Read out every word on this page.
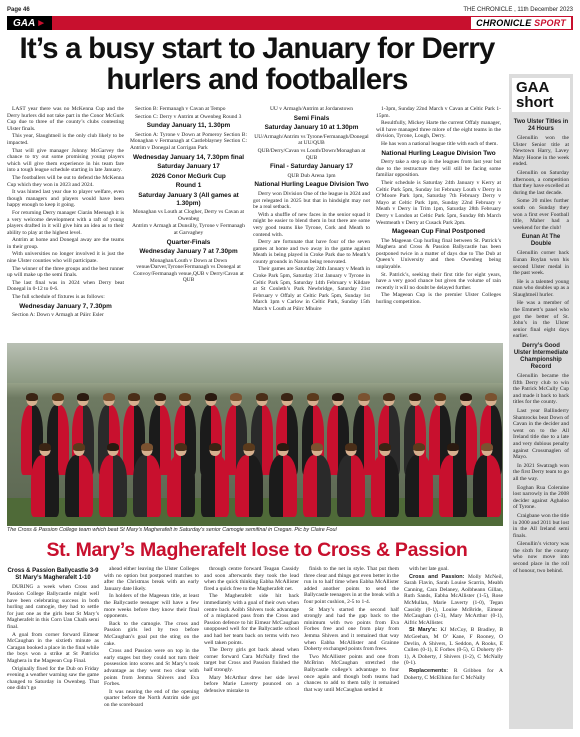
Page 46	THE CHRONICLE , 11th December 2023
GAA ►	CHRONICLE
SPORT
It’s a busy start to January for Derry hurlers and footballers

LAST year there was no McKenna Cup and the Derry hurlers did not take part in the Conor McGurk Cup due to three of the county’s clubs contesting Ulster finals.

This year, Slaughtneil is the only club likely to be impacted.

That will give manager Johnny McGarvey the chance to try out some promising young players which will give them experience in his team fare into a tough league schedule starting in late January.

The footballers will be out to defend the McKenna Cup which they won in 2023 and 2024.

It was hinted last year due to player welfare, even though managers and players would have been happy enough to keep it going.

For returning Derry manager Ciarán Meenagh it is a very welcome development with a raft of young players drafted in it will give him an idea as to their ability to play at the highest level.

Antrim at home and Donegal away are the teams in their group.

With universities no longer involved it is just the nine Ulster counties who will participate.

The winner of the three groups and the best runner up will make up the semi finals.

The last final was in 2024 when Derry beat Donegal in 0-12 to 0-6.

The full schedule of fixtures is as follows:

Wednesday January 7, 7.30pm

Section A: Down v Armagh at Páirc Esler

Section B: Fermanagh v Cavan at Tempo

Section C: Derry v Antrim at Owenbeg Round 3

Sunday January 11, 1.30pm

Section A: Tyrone v Down at Pomeroy Section B: Monaghan v Fermanagh at Castleblayney Section C: Antrim v Donegal at Corrigan Park

Wednesday January 14, 7.30pm final
Saturday January 17
2026 Conor McGurk Cup
Round 1
Saturday January 3 (All games at 1.30pm)

Monaghan vs Louth at Clogher, Derry vs Cavan at Owenbeg

Antrim v Armagh at Dunsilly, Tyrone v Fermanagh at Garvaghey

Quarter-Finals
Wednesday January 7 at 7.30pm

Monaghan/Louth v Down at Down venue/Darver,Tyrone/Fermanagh vs Donegal at Convoy/Fermanagh venue,QUB v Derry/Cavan at QUB

UU v Armagh/Antrim at Jordanstown

Semi Finals
Saturday January 10 at 1.30pm

UU/Armagh/Antrim vs Tyrone/Fermanagh/Donegal at UU/QUB

QUB/Derry/Cavan vs Louth/Down/Monaghan at QUB

Final - Saturday January 17

QUB Dub Arena 1pm

National Hurling League Division Two

Derry won Division One of the league in 2024 and got relegated in 2025 but that in hindsight may not be a real setback.

With a shuffle of new faces in the senior squad it might be easier to blend them in but there are some very good teams like Tyrone, Cork and Meath to contend with.

Derry are fortunate that have four of the seven games at home and two away in the game against Meath is being played in Croke Park due to Meath’s county grounds in Navan being renovated.

Their games are Saturday 24th January v Meath in Croke Park 5pm, Saturday 31st January v Tyrone in Celtic Park 5pm, Saturday 14th February v Kildare at St Conleth’s Park Newbridge, Saturday 21st February v Offaly at Celtic Park 5pm, Sunday 1st March 1pm v Carlow in Celtic Park, Sunday 15th March v Louth at Páirc Mhuire

1-3pm, Sunday 22nd March v Cavan at Celtic Park 1-15pm.

Resultfully, Mickey Harte the current Offaly manager, will have managed three mlore of the eight teams in the division, Tyrone, Lough, Derry.

He has won a national league title with each of them.

National Hurling League Division Two

Derry take a step up in the leagues from last year but due to the restructure they will still be facing some familiar opposition.

Their schedule is Saturday 24th January v Kerry at Celtic Park 5pm, Sunday 1st February Louth v Derry in O’Moore Park 1pm, Saturday 7th February Derry v Mayo at Celtic Park 1pm, Sunday 22nd February v Meath v Derry in Trim 1pm, Saturday 28th February Derry v London at Celtic Park 5pm, Sunday 8th March Westmeath v Derry at Cusack Park 2pm.

Mageean Cup Final Postponed

The Mageean Cup hurling final between St. Patrick’s Maghera and Cross & Passion Ballycastle has been postponed twice in a matter of days due to The Dub at Queen’s University and then Owenbeg being unplayable.

St. Patrick’s, seeking their first title for eight years, have a very good chance but given the volume of rain recently it will no doubt be delayed further.

The Mageean Cup is the premier Ulster Colleges hurling competition.

GAA
short
Two Ulster Titles in 24 Hours

Glenullin won the Ulster Senior title at Newtown Harry, Lavey Mary Hoone in the week ended.

Glenullin on Saturday afternoon, a competition that they have excelled at during the last decade.

Some 20 miles further south on Sunday they won a first ever Football title, Maher had a weekend for the club!

Eunan At The Double

Glenullin corner back Eunan Boylan won his second Ulster medal in the past week.

He is a talented young man who doubles up as a Slaughtneil hurler.

He was a member of the Emmett’s panel who got the better of St. John’s in the Ulster senior final eight days earlier.

Derry’s Good Ulster Intermediate Championship Record

Glenullin became the fifth Derry club to win the Patrick McCully Cup and made it back to back titles for the county.

Last year Ballinderry Shamrocks beat Down of Cavan in the decider and went on to the All Ireland title due to a late and very dubious penalty against Crossmaglen of Mayo.

In 2021 Swatragh won the first Derry team to go all the way.

Eoghan Rua Coleraine lost narrowly in the 2008 decider against Aghaloo of Tyrone.

Craigbane won the title in 2000 and 2011 but lost in the All Ireland semi finals.

Glenullin’s victory was the sixth for the county who now move into second place in the roll of honour, two behind.

The Cross & Passion College team which beat St Mary’s Magherafelt in Saturday’s senior Camogie semifinal in Cregan. Pic by Claire Foul
St. Mary’s Magherafelt lose to Cross & Passion
Cross & Passion Ballycastle 3-9 St Mary’s Magherafelt 1-10

DURING a week when Cross and Passion College Ballycastle might well have been celebrating success in both hurling and camogie, they had to settle for just one as the girls beat St Mary’s Magherafelt in this Corn Uan Chaih semi final.

A goal from corner forward Eimear McCaughan in the sixtieth minute as Caragan booked a place in the final while the boys won a strike at St Patricks Maghera in the Mageean Cup Final.

Originally fixed for the Dub on Friday evening a weather warning saw the game changed to Saturday in Owenbeg. That one didn’t go

ahead either leaving the Ulster Colleges with no option but postponed matches to after the Christmas break with an early January date likely.

In holders of the Mageean title, at least the Ballycastle teenager will have a few more weeks before they know their final opponents.

Back to the camogie. The cross and Passion girls led by two before McCaughan’s goal put the sting on the cake.

Cross and Passion were on top in the early stages but they could not turn their possession into scores and St Mary’s took advantage as they went two clear with points from Jemma Shivers and Eva Forbes.

It was nearing the end of the opening quarter before the North Antrim side got on the scoreboard

through centre forward Teagan Cassidy and soon afterwards they took the lead when the quick thinking Eabha McAllister fired a quick free to the Magherafelt net.

The Magherafelt side hit back immediately with a goal of their own when centre back Aoibh Shivers took advantage of a misplaced pass from the Cross and Passion defence to hit Eimear McCaughan unopposed well for the Ballycastle school and had her team back on terms with two well taken points.

The Derry girls got back ahead when corner forward Cara McNally fired the target but Cross and Passion finished the half strongly.

Mary McArthur drew her side level before Marie Laverty pounced on a defensive mistake to

finish to the net in style. That put them three clear and things got even better in the run in to half time when Eabha McAllister added another points to send the Ballycastle teenagers in at the break with a four point cushion, 2-5 to 1-4.

St Mary’s started the second half strongly and had the gap back to the minimum with two points from Eva Forbes free and one from play from Jemma Shivers and it remained that way when Eabha McAllister and Grainne Doherty exchanged points from frees.

Two McAllister points and one from McBrinn McCaughan stretched the Ballycastle college’s advantage to four once again and though both teams had chances to add to them tally it remained that way until McCaughan settled it

with her late goal.

Cross and Passion: Molly McNeil, Sarah Flavin, Sarah Louise Scarrin, Meabh Canning, Cara Delaney, Aoibheann Gillan, Ruth Sands, Eabha McAllister (1-5), Rose McMullan, Marie Laverty (1-0), Tegan Cassidy (0-1), Louise McBride, Eimear McCaughan (1-3), Mary McArthur (0-1), Aifric McAllister.

St Mary’s: KJ McCoy, B Bradley, B McGeehan, M O’ Kane, F Rooney, O Devlin, A Shivers, L Seddon, A Rooks, E Cullen (0-1), E Forbes (0-5), G Doherty (0-1), A Doherty, J Shivers (1-2), C McNally (0-1).

Replacements: R Gribben for A Doherty, C McElhinn for C McNally
